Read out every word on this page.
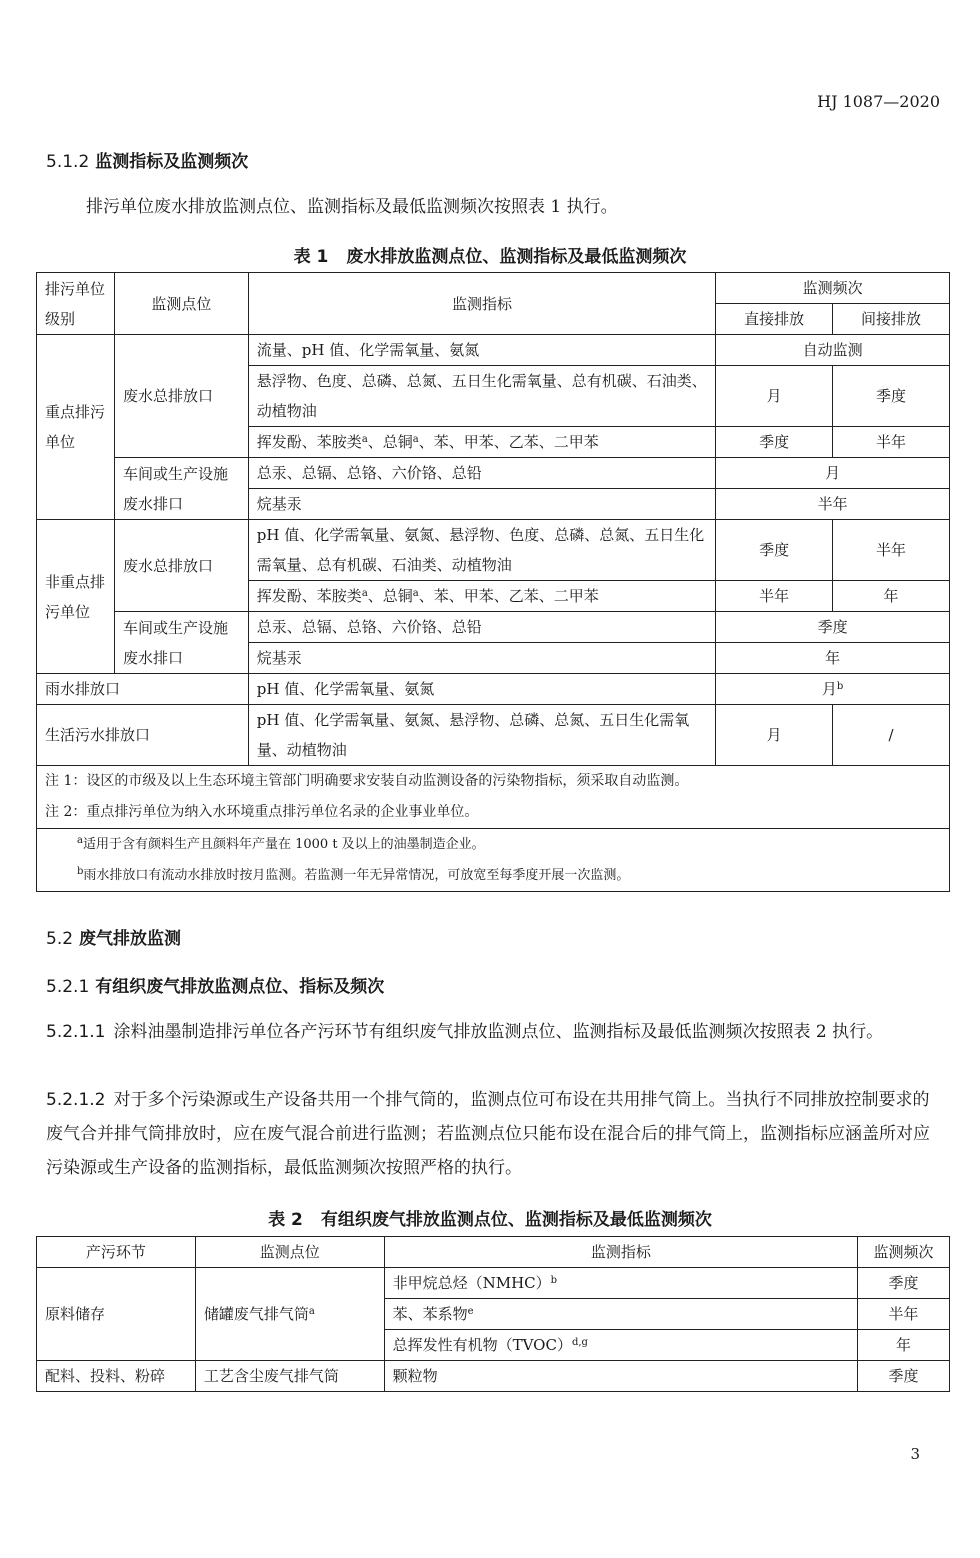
HJ 1087—2020
5.1.2 监测指标及监测频次
排污单位废水排放监测点位、监测指标及最低监测频次按照表 1 执行。
表 1 废水排放监测点位、监测指标及最低监测频次
排污单位级别	监测点位	监测指标	监测频次	
			直接排放	间接排放
重点排污单位	废水总排放口	流量、pH 值、化学需氧量、氨氮	自动监测	
		悬浮物、色度、总磷、总氮、五日生化需氧量、总有机碳、石油类、动植物油	月	季度
		挥发酚、苯胺类$^a$、总铜$^a$、苯、甲苯、乙苯、二甲苯	季度	半年
	车间或生产设施废水排口	总汞、总镉、总铬、六价铬、总铅	月	
		烷基汞	半年	
非重点排污单位	废水总排放口	pH 值、化学需氧量、氨氮、悬浮物、色度、总磷、总氮、五日生化需氧量、总有机碳、石油类、动植物油	季度	半年
		挥发酚、苯胺类$^a$、总铜$^a$、苯、甲苯、乙苯、二甲苯	半年	年
	车间或生产设施废水排口	总汞、总镉、总铬、六价铬、总铅	季度	
		烷基汞	年	
雨水排放口		pH 值、化学需氧量、氨氮	月$^b$
生活污水排放口		pH 值、化学需氧量、氨氮、悬浮物、总磷、总氮、五日生化需氧量、动植物油	月	/

注 1：设区的市级及以上生态环境主管部门明确要求安装自动监测设备的污染物指标，须采取自动监测。
注 2：重点排污单位为纳入水环境重点排污单位名录的企业事业单位。				

$^a$适用于含有颜料生产且颜料年产量在 1000 t 及以上的油墨制造企业。
$^b$雨水排放口有流动水排放时按月监测。若监测一年无异常情况，可放宽至每季度开展一次监测。				
5.2 废气排放监测
5.2.1 有组织废气排放监测点位、指标及频次
5.2.1.1 涂料油墨制造排污单位各产污环节有组织废气排放监测点位、监测指标及最低监测频次按照表 2 执行。
5.2.1.2 对于多个污染源或生产设备共用一个排气筒的，监测点位可布设在共用排气筒上。当执行不同排放控制要求的废气合并排气筒排放时，应在废气混合前进行监测；若监测点位只能布设在混合后的排气筒上，监测指标应涵盖所对应污染源或生产设备的监测指标，最低监测频次按照严格的执行。
表 2 有组织废气排放监测点位、监测指标及最低监测频次
产污环节	监测点位	监测指标	监测频次
原料储存	储罐废气排气筒$^a$	非甲烷总烃（NMHC）$^b$	季度
		苯、苯系物$^e$	半年
		总挥发性有机物（TVOC）$^{d,g}$	年
配料、投料、粉碎	工艺含尘废气排气筒	颗粒物	季度
3
